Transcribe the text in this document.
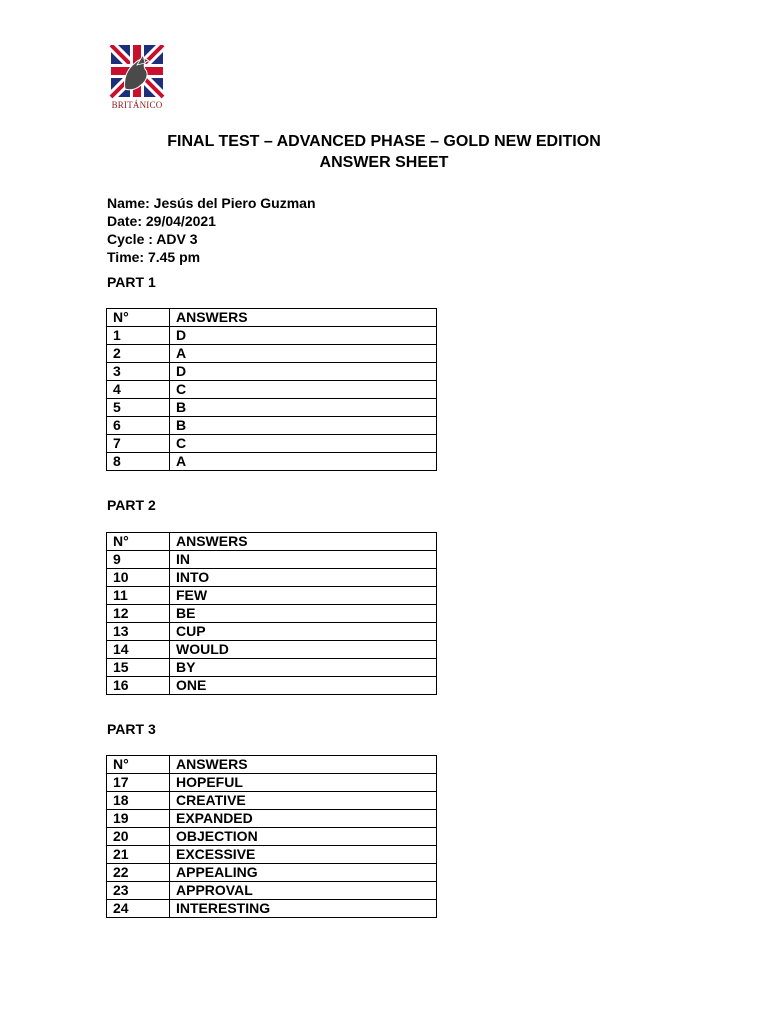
BRITÁNICO
FINAL TEST – ADVANCED PHASE – GOLD NEW EDITION
ANSWER SHEET
Name: Jesús del Piero Guzman
Date: 29/04/2021
Cycle : ADV 3
Time: 7.45 pm
PART 1
N°	ANSWERS
1	D
2	A
3	D
4	C
5	B
6	B
7	C
8	A
PART 2
N°	ANSWERS
9	IN
10	INTO
11	FEW
12	BE
13	CUP
14	WOULD
15	BY
16	ONE
PART 3
N°	ANSWERS
17	HOPEFUL
18	CREATIVE
19	EXPANDED
20	OBJECTION
21	EXCESSIVE
22	APPEALING
23	APPROVAL
24	INTERESTING
